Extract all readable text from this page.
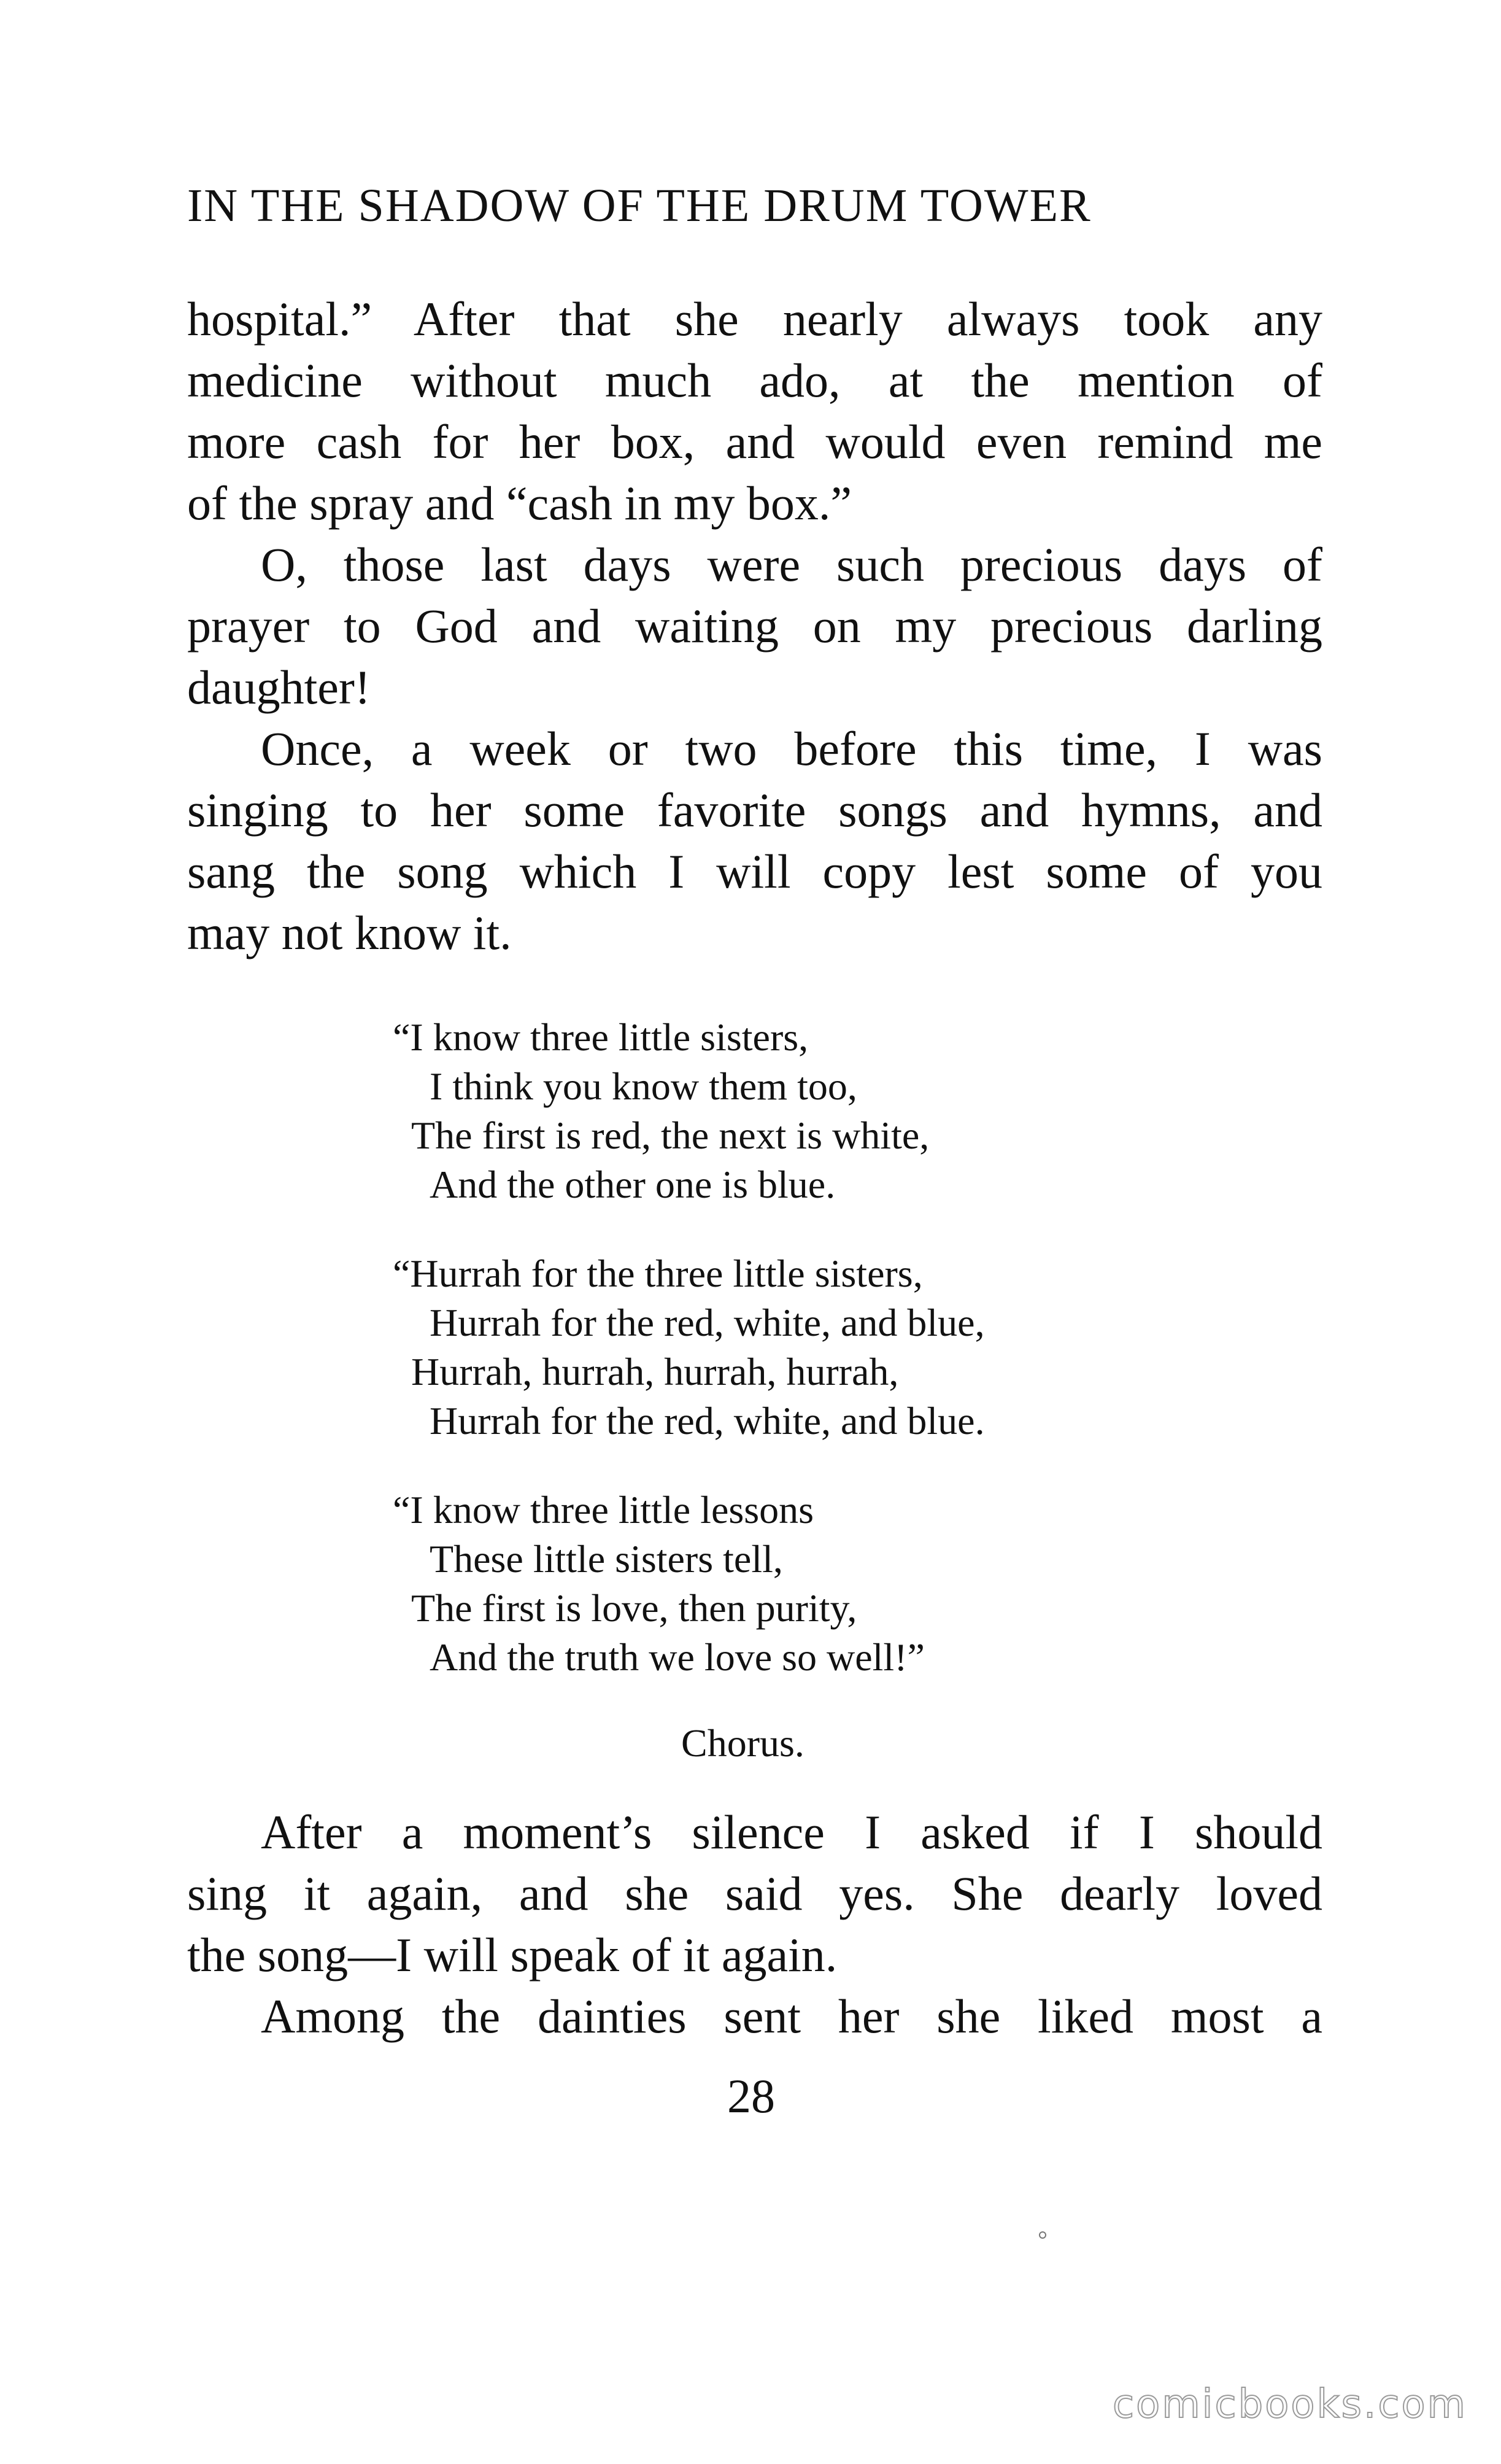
IN THE SHADOW OF THE DRUM TOWER
hospital.” After that she nearly always took any
medicine without much ado, at the mention of
more cash for her box, and would even remind me
of the spray and “cash in my box.”
O, those last days were such precious days of
prayer to God and waiting on my precious darling
daughter!
Once, a week or two before this time, I was
singing to her some favorite songs and hymns, and
sang the song which I will copy lest some of you
may not know it.
“I know three little sisters,
I think you know them too,
The first is red, the next is white,
And the other one is blue.
“Hurrah for the three little sisters,
Hurrah for the red, white, and blue,
Hurrah, hurrah, hurrah, hurrah,
Hurrah for the red, white, and blue.
“I know three little lessons
These little sisters tell,
The first is love, then purity,
And the truth we love so well!”
Chorus.
After a moment’s silence I asked if I should
sing it again, and she said yes. She dearly loved
the song—I will speak of it again.
Among the dainties sent her she liked most a
28
comicbooks.com
